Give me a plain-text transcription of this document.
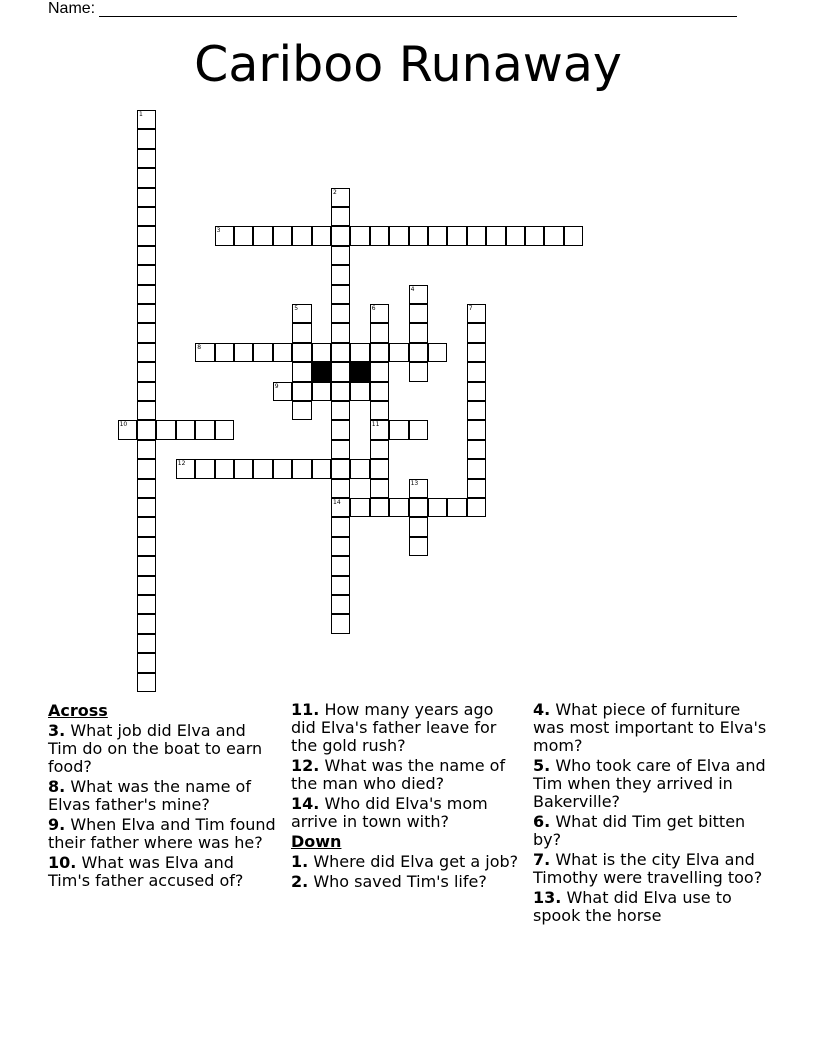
Name:
Cariboo Runaway
3
8
9
10	11
12
14
1
2
4
5	6	7
13
Across
3. What job did Elva and Tim do on the boat to earn food?
8. What was the name of Elvas father's mine?
9. When Elva and Tim found their father where was he?
10. What was Elva and Tim's father accused of?
11. How many years ago did Elva's father leave for the gold rush?
12. What was the name of the man who died?
14. Who did Elva's mom arrive in town with?
Down
1. Where did Elva get a job?
2. Who saved Tim's life?
4. What piece of furniture was most important to Elva's mom?
5. Who took care of Elva and Tim when they arrived in Bakerville?
6. What did Tim get bitten by?
7. What is the city Elva and Timothy were travelling too?
13. What did Elva use to spook the horse
